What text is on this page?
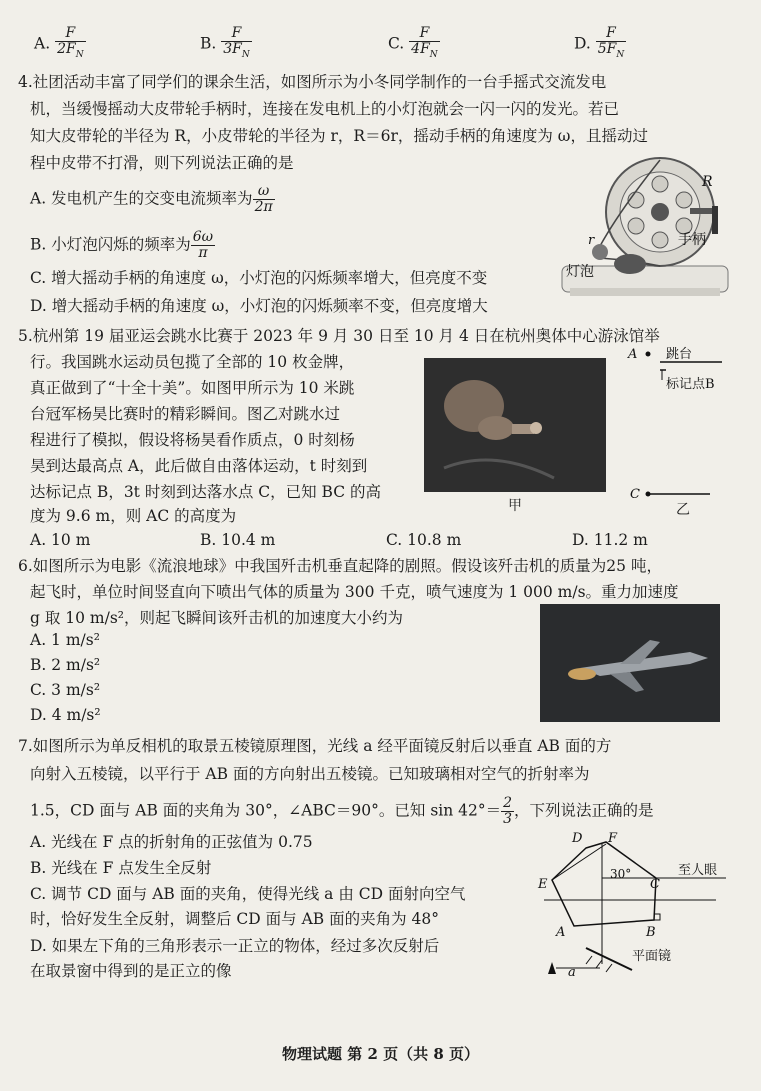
A. $\frac{F}{2F_N}$	B. $\frac{F}{3F_N}$	C. $\frac{F}{4F_N}$	D. $\frac{F}{5F_N}$
4.社团活动丰富了同学们的课余生活，如图所示为小冬同学制作的一台手摇式交流发电
机，当缓慢摇动大皮带轮手柄时，连接在发电机上的小灯泡就会一闪一闪的发光。若已
知大皮带轮的半径为 R，小皮带轮的半径为 r，R＝6r，摇动手柄的角速度为 ω，且摇动过
程中皮带不打滑，则下列说法正确的是
A. 发电机产生的交变电流频率为 $\frac{\omega}{2\pi}$
B. 小灯泡闪烁的频率为 $\frac{6\omega}{\pi}$
C. 增大摇动手柄的角速度 ω，小灯泡的闪烁频率增大，但亮度不变
D. 增大摇动手柄的角速度 ω，小灯泡的闪烁频率不变，但亮度增大
R
手柄
灯泡
r
5.杭州第 19 届亚运会跳水比赛于 2023 年 9 月 30 日至 10 月 4 日在杭州奥体中心游泳馆举
行。我国跳水运动员包揽了全部的 10 枚金牌，
真正做到了“十全十美”。如图甲所示为 10 米跳
台冠军杨昊比赛时的精彩瞬间。图乙对跳水过
程进行了模拟，假设将杨昊看作质点，0 时刻杨
昊到达最高点 A，此后做自由落体运动，t 时刻到
达标记点 B，3t 时刻到达落水点 C，已知 BC 的高
度为 9.6 m，则 AC 的高度为
A. 10 m	B. 10.4 m	C. 10.8 m	D. 11.2 m
甲
A 跳台
标记点B
C
乙
6.如图所示为电影《流浪地球》中我国歼击机垂直起降的剧照。假设该歼击机的质量为25 吨，
起飞时，单位时间竖直向下喷出气体的质量为 300 千克，喷气速度为 1 000 m/s。重力加速度
g 取 10 m/s²，则起飞瞬间该歼击机的加速度大小约为
A. 1 m/s²
B. 2 m/s²
C. 3 m/s²
D. 4 m/s²
7.如图所示为单反相机的取景五棱镜原理图，光线 a 经平面镜反射后以垂直 AB 面的方
向射入五棱镜，以平行于 AB 面的方向射出五棱镜。已知玻璃相对空气的折射率为
1.5，CD 面与 AB 面的夹角为 30°，∠ABC＝90°。已知 $\sin 42^\circ= \frac{2}{3}$ ，下列说法正确的是
A. 光线在 F 点的折射角的正弦值为 0.75
B. 光线在 F 点发生全反射
C. 调节 CD 面与 AB 面的夹角，使得光线 a 由 CD 面射向空气
时，恰好发生全反射，调整后 CD 面与 AB 面的夹角为 48°
D. 如果左下角的三角形表示一正立的物体，经过多次反射后
在取景窗中得到的是正立的像
D F
C
E
A	B
30°	至人眼
平面镜
a
物理试题 第 2 页（共 8 页）
